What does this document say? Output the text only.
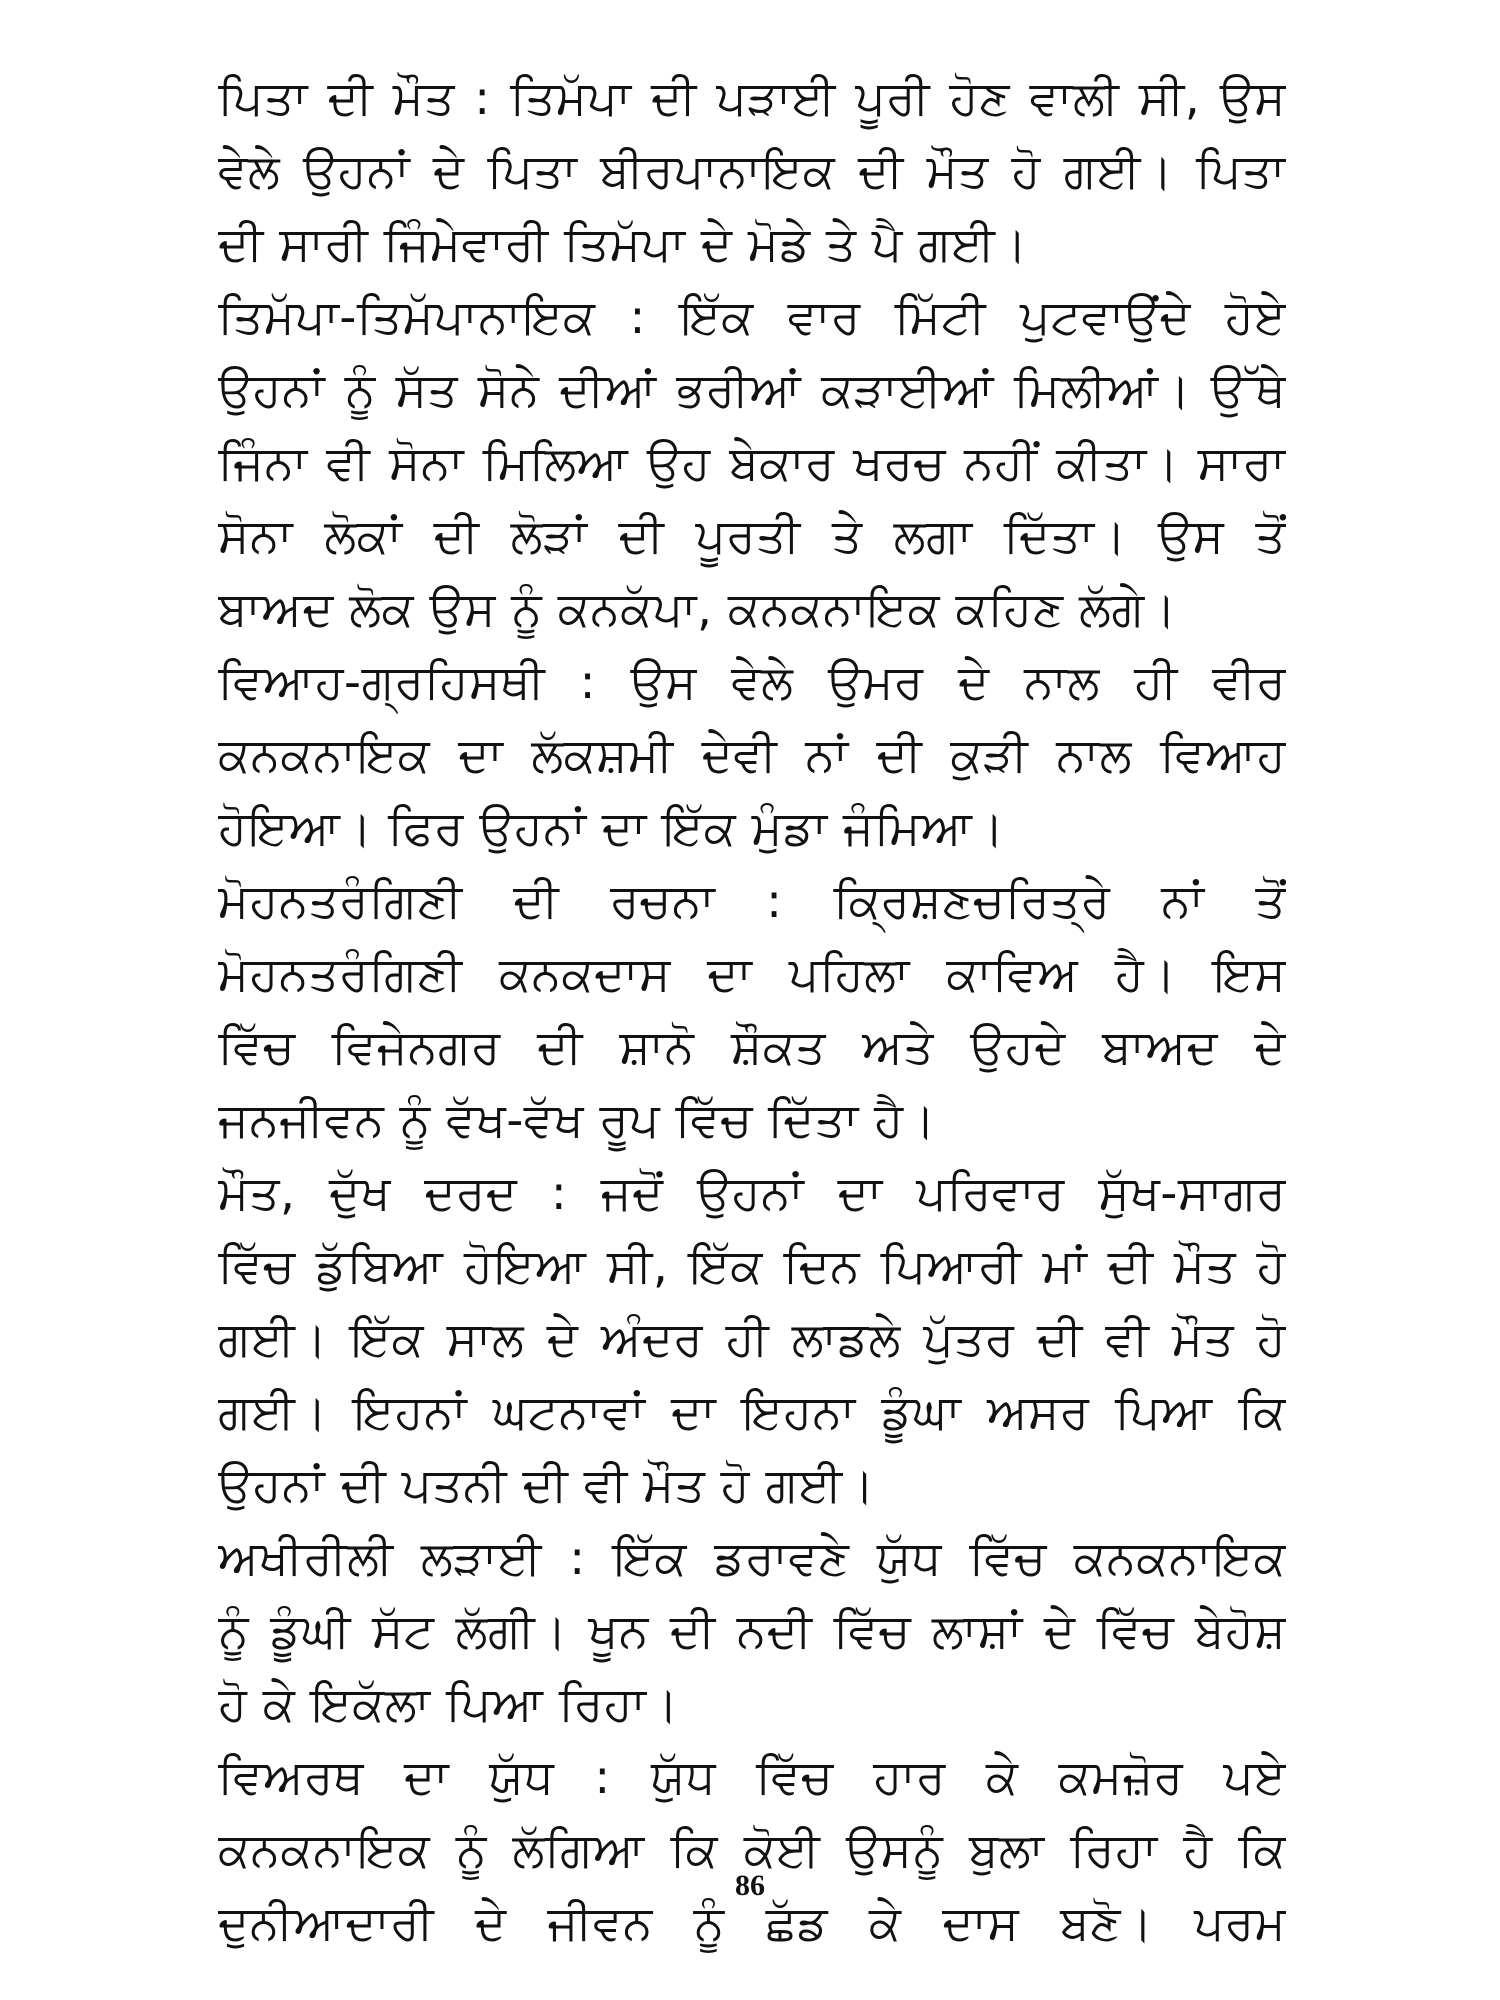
ਪਿਤਾ ਦੀ ਮੌਤ : ਤਿਮੱਪਾ ਦੀ ਪੜਾਈ ਪੂਰੀ ਹੋਣ ਵਾਲੀ ਸੀ, ਉਸ
ਵੇਲੇ ਉਹਨਾਂ ਦੇ ਪਿਤਾ ਬੀਰਪਾਨਾਇਕ ਦੀ ਮੌਤ ਹੋ ਗਈ। ਪਿਤਾ
ਦੀ ਸਾਰੀ ਜਿੰਮੇਵਾਰੀ ਤਿਮੱਪਾ ਦੇ ਮੋਡੇ ਤੇ ਪੈ ਗਈ।
ਤਿਮੱਪਾ-ਤਿਮੱਪਾਨਾਇਕ : ਇੱਕ ਵਾਰ ਮਿੱਟੀ ਪੁਟਵਾਉਂਦੇ ਹੋਏ
ਉਹਨਾਂ ਨੂੰ ਸੱਤ ਸੋਨੇ ਦੀਆਂ ਭਰੀਆਂ ਕੜਾਈਆਂ ਮਿਲੀਆਂ। ਉੱਥੇ
ਜਿੰਨਾ ਵੀ ਸੋਨਾ ਮਿਲਿਆ ਉਹ ਬੇਕਾਰ ਖਰਚ ਨਹੀਂ ਕੀਤਾ। ਸਾਰਾ
ਸੋਨਾ ਲੋਕਾਂ ਦੀ ਲੋੜਾਂ ਦੀ ਪੂਰਤੀ ਤੇ ਲਗਾ ਦਿੱਤਾ। ਉਸ ਤੋਂ
ਬਾਅਦ ਲੋਕ ਉਸ ਨੂੰ ਕਨਕੱਪਾ, ਕਨਕਨਾਇਕ ਕਹਿਣ ਲੱਗੇ।
ਵਿਆਹ-ਗ੍ਰਹਿਸਥੀ : ਉਸ ਵੇਲੇ ਉਮਰ ਦੇ ਨਾਲ ਹੀ ਵੀਰ
ਕਨਕਨਾਇਕ ਦਾ ਲੱਕਸ਼ਮੀ ਦੇਵੀ ਨਾਂ ਦੀ ਕੁੜੀ ਨਾਲ ਵਿਆਹ
ਹੋਇਆ। ਫਿਰ ਉਹਨਾਂ ਦਾ ਇੱਕ ਮੁੰਡਾ ਜੰਮਿਆ।
ਮੋਹਨਤਰੰਗਿਣੀ ਦੀ ਰਚਨਾ : ਕ੍ਰਿਸ਼ਣਚਰਿਤ੍ਰੇ ਨਾਂ ਤੋਂ
ਮੋਹਨਤਰੰਗਿਣੀ ਕਨਕਦਾਸ ਦਾ ਪਹਿਲਾ ਕਾਵਿਅ ਹੈ। ਇਸ
ਵਿੱਚ ਵਿਜੇਨਗਰ ਦੀ ਸ਼ਾਨੋ ਸ਼ੌਕਤ ਅਤੇ ਉਹਦੇ ਬਾਅਦ ਦੇ
ਜਨਜੀਵਨ ਨੂੰ ਵੱਖ-ਵੱਖ ਰੂਪ ਵਿੱਚ ਦਿੱਤਾ ਹੈ।
ਮੌਤ, ਦੁੱਖ ਦਰਦ : ਜਦੋਂ ਉਹਨਾਂ ਦਾ ਪਰਿਵਾਰ ਸੁੱਖ-ਸਾਗਰ
ਵਿੱਚ ਡੁੱਬਿਆ ਹੋਇਆ ਸੀ, ਇੱਕ ਦਿਨ ਪਿਆਰੀ ਮਾਂ ਦੀ ਮੌਤ ਹੋ
ਗਈ। ਇੱਕ ਸਾਲ ਦੇ ਅੰਦਰ ਹੀ ਲਾਡਲੇ ਪੁੱਤਰ ਦੀ ਵੀ ਮੌਤ ਹੋ
ਗਈ। ਇਹਨਾਂ ਘਟਨਾਵਾਂ ਦਾ ਇਹਨਾ ਡੂੰਘਾ ਅਸਰ ਪਿਆ ਕਿ
ਉਹਨਾਂ ਦੀ ਪਤਨੀ ਦੀ ਵੀ ਮੌਤ ਹੋ ਗਈ।
ਅਖੀਰੀਲੀ ਲੜਾਈ : ਇੱਕ ਡਰਾਵਣੇ ਯੁੱਧ ਵਿੱਚ ਕਨਕਨਾਇਕ
ਨੂੰ ਡੂੰਘੀ ਸੱਟ ਲੱਗੀ। ਖੂਨ ਦੀ ਨਦੀ ਵਿੱਚ ਲਾਸ਼ਾਂ ਦੇ ਵਿੱਚ ਬੇਹੋਸ਼
ਹੋ ਕੇ ਇਕੱਲਾ ਪਿਆ ਰਿਹਾ।
ਵਿਅਰਥ ਦਾ ਯੁੱਧ : ਯੁੱਧ ਵਿੱਚ ਹਾਰ ਕੇ ਕਮਜ਼ੋਰ ਪਏ
ਕਨਕਨਾਇਕ ਨੂੰ ਲੱਗਿਆ ਕਿ ਕੋਈ ਉਸਨੂੰ ਬੁਲਾ ਰਿਹਾ ਹੈ ਕਿ
ਦੁਨੀਆਦਾਰੀ ਦੇ ਜੀਵਨ ਨੂੰ ਛੱਡ ਕੇ ਦਾਸ ਬਣੋ। ਪਰਮ
86
